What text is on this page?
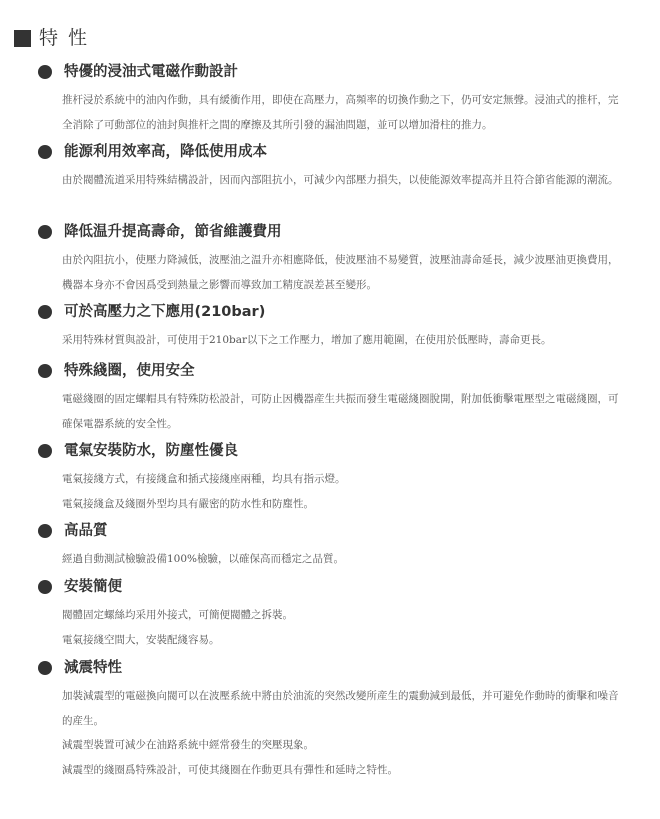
特 性
特優的浸油式電磁作動設計

推杆浸於系統中的油內作動，具有緩衝作用，即使在高壓力，高頻率的切換作動之下，仍可安定無聲。浸油式的推杆，完全消除了可動部位的油封與推杆之間的摩擦及其所引發的漏油問題，並可以增加滑柱的推力。

能源利用效率高，降低使用成本

由於閥體流道采用特殊結構設計，因而內部阻抗小，可減少內部壓力損失，以使能源效率提高并且符合節省能源的潮流。

降低温升提高壽命，節省維護費用

由於內阻抗小，使壓力降減低，波壓油之温升亦相應降低，使波壓油不易變質，波壓油壽命延長，減少波壓油更換費用，機器本身亦不會因爲受到熱量之影響而導致加工精度誤差甚至變形。

可於高壓力之下應用(210bar)

采用特殊材質與設計，可使用于210bar以下之工作壓力，增加了應用範圍，在使用於低壓時，壽命更長。

特殊綫圈，使用安全

電磁綫圈的固定螺帽具有特殊防松設計，可防止因機器産生共振而發生電磁綫圈脫開，附加低衝擊電壓型之電磁綫圈，可確保電器系統的安全性。

電氣安裝防水，防塵性優良

電氣接綫方式，有接綫盒和插式接綫座兩種，均具有指示燈。

電氣接綫盒及綫圈外型均具有嚴密的防水性和防塵性。

高品質

經過自動測試檢驗設備100%檢驗，以確保高而穩定之品質。

安裝簡便

閥體固定螺絲均采用外接式，可簡便閥體之拆裝。

電氣接綫空間大，安裝配綫容易。

減震特性

加裝減震型的電磁換向閥可以在波壓系統中將由於油流的突然改變所産生的震動減到最低，并可避免作動時的衝擊和噪音的産生。

減震型裝置可減少在油路系統中經常發生的突壓現象。

減震型的綫圈爲特殊設計，可使其綫圈在作動更具有彈性和延時之特性。
